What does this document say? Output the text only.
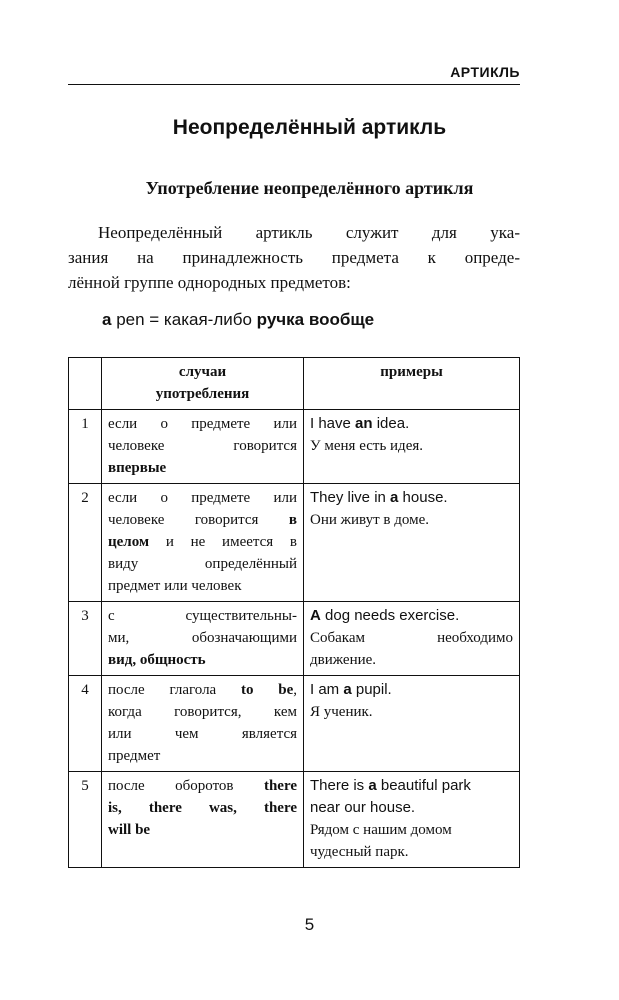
АРТИКЛЬ
Неопределённый артикль
Употребление неопределённого артикля
Неопределённый артикль служит для ука-
зания на принадлежность предмета к опреде-
лённой группе однородных предметов:
a pen = какая-либо ручка вообще

	случаи
употребления	примеры
1	если о предмете или
человеке говорится
впервые	I have an idea.
У меня есть идея.

2	если о предмете или
человеке говорится в
целом и не имеется в
виду определённый
предмет или человек	They live in a house.
Они живут в доме.

3	с существительны-
ми, обозначающими
вид, общность	A dog needs exercise.
Собакам необходимо
движение.

4	после глагола to be,
когда говорится, кем
или чем является
предмет	I am a pupil.
Я ученик.

5	после оборотов there
is, there was, there
will be	There is a beautiful park
near our house.
Рядом с нашим домом
чудесный парк.
5
